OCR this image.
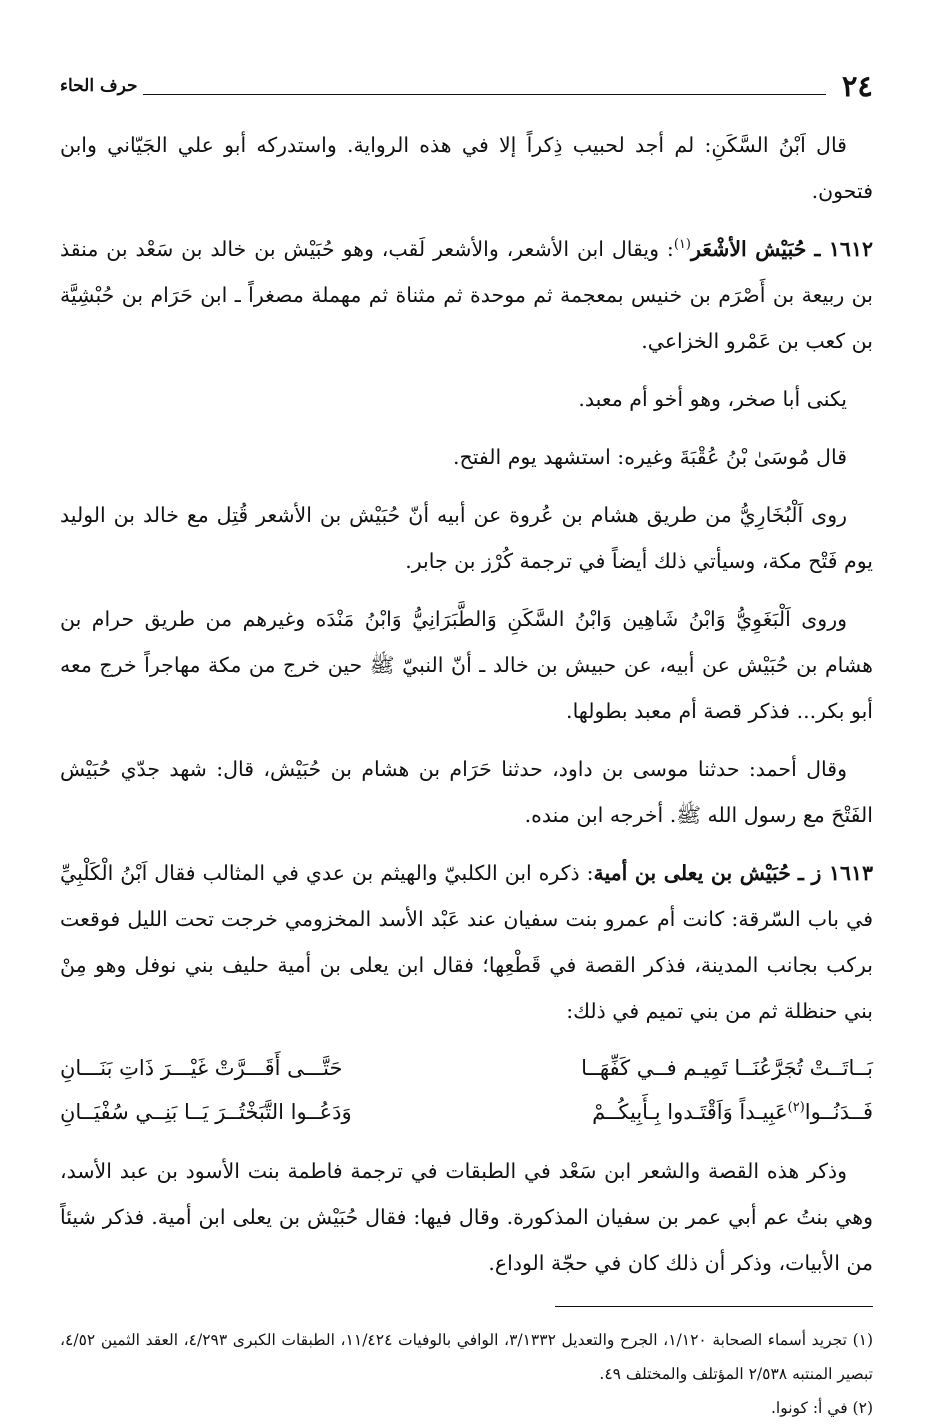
٢٤
حرف الحاء

قال اَبْنُ السَّكَنِ: لم أجد لحبيب ذِكراً إلا في هذه الرواية. واستدركه أبو علي الجَيّاني وابن فتحون.

١٦١٢ ـ حُبَيْش الأشْعَر$^{(١)}$: ويقال ابن الأشعر، والأشعر لَقب، وهو حُبَيْش بن خالد بن سَعْد بن منقذ بن ربيعة بن أَصْرَم بن خنيس بمعجمة ثم موحدة ثم مثناة ثم مهملة مصغراً ـ ابن حَرَام بن حُبْشِيَّة بن كعب بن عَمْرو الخزاعي.

يكنى أبا صخر، وهو أخو أم معبد.

قال مُوسَىٰ بْنُ عُقْبَةَ وغيره: استشهد يوم الفتح.

روى اَلْبُخَارِيُّ من طريق هشام بن عُروة عن أبيه أنّ حُبَيْش بن الأشعر قُتِل مع خالد بن الوليد يوم فَتْح مكة، وسيأتي ذلك أيضاً في ترجمة كُرْز بن جابر.

وروى اَلْبَغَوِيُّ وَابْنُ شَاهِين وَابْنُ السَّكَنِ وَالطَّبَرَانِيُّ وَابْنُ مَنْدَه وغيرهم من طريق حرام بن هشام بن حُبَيْش عن أبيه، عن حبيش بن خالد ـ أنّ النبيّ ﷺ حين خرج من مكة مهاجراً خرج معه أبو بكر... فذكر قصة أم معبد بطولها.

وقال أحمد: حدثنا موسى بن داود، حدثنا حَرَام بن هشام بن حُبَيْش، قال: شهد جدّي حُبَيْش الفَتْحَ مع رسول الله ﷺ. أخرجه ابن منده.

١٦١٣ ز ـ حُبَيْش بن يعلى بن أمية: ذكره ابن الكلبيّ والهيثم بن عدي في المثالب فقال اَبْنُ الْكَلْبِيِّ في باب السّرقة: كانت أم عمرو بنت سفيان عند عَبْد الأسد المخزومي خرجت تحت الليل فوقعت بركب بجانب المدينة، فذكر القصة في قَطْعِها؛ فقال ابن يعلى بن أمية حليف بني نوفل وهو مِنْ بني حنظلة ثم من بني تميم في ذلك:

بَــاتَــتْ تُجَرَّعُنَــا تَمِيـم فــي كَفِّهَــا
حَتَّـــى أَقَـــرَّتْ غَيْـــرَ ذَاتِ بَنَـــانِ
فَــدَنُــوا$^{(٢)}$عَبِيـداً وَاَقْتَـدوا بِـأَبِيكُــمْ
وَدَعُــوا التَّبَخْتُــرَ يَــا بَنِــي سُفْيَــانِ

وذكر هذه القصة والشعر ابن سَعْد في الطبقات في ترجمة فاطمة بنت الأسود بن عبد الأسد، وهي بنتُ عم أبي عمر بن سفيان المذكورة. وقال فيها: فقال حُبَيْش بن يعلى ابن أمية. فذكر شيئاً من الأبيات، وذكر أن ذلك كان في حجّة الوداع.

(١) تجريد أسماء الصحابة ١/١٢٠، الجرح والتعديل ٣/١٣٣٢، الوافي بالوفيات ١١/٤٢٤، الطبقات الكبرى ٤/٢٩٣، العقد الثمين ٤/٥٢، تبصير المنتبه ٢/٥٣٨ المؤتلف والمختلف ٤٩.

(٢) في أ: كونوا.
